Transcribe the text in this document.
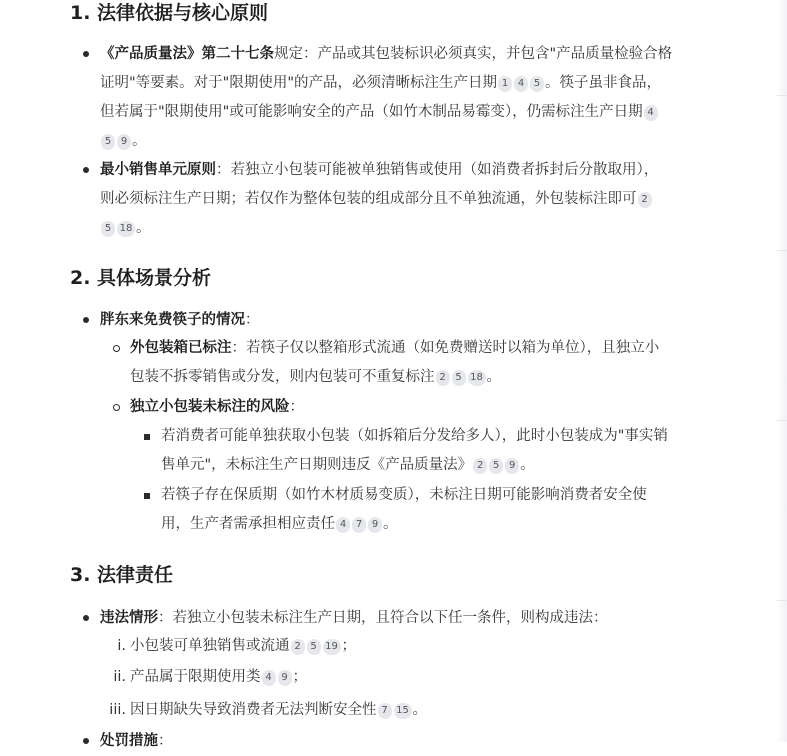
1. 法律依据与核心原则
《产品质量法》第二十七条规定：产品或其包装标识必须真实，并包含"产品质量检验合格
证明"等要素。对于"限期使用"的产品，必须清晰标注生产日期 1 4 5 。筷子虽非食品，
但若属于"限期使用"或可能影响安全的产品（如竹木制品易霉变），仍需标注生产日期 4
5 9 。
最小销售单元原则：若独立小包装可能被单独销售或使用（如消费者拆封后分散取用），
则必须标注生产日期；若仅作为整体包装的组成部分且不单独流通，外包装标注即可 2
5 18 。
2. 具体场景分析
胖东来免费筷子的情况：
外包装箱已标注：若筷子仅以整箱形式流通（如免费赠送时以箱为单位），且独立小
包装不拆零销售或分发，则内包装可不重复标注 2 5 18 。
独立小包装未标注的风险：
若消费者可能单独获取小包装（如拆箱后分发给多人），此时小包装成为"事实销
售单元"，未标注生产日期则违反《产品质量法》 2 5 9 。
若筷子存在保质期（如竹木材质易变质），未标注日期可能影响消费者安全使
用，生产者需承担相应责任 4 7 9 。
3. 法律责任
违法情形：若独立小包装未标注生产日期，且符合以下任一条件，则构成违法：
i. 小包装可单独销售或流通 2 5 19 ；
ii. 产品属于限期使用类 4 9 ；
iii. 因日期缺失导致消费者无法判断安全性 7 15 。
处罚措施：
